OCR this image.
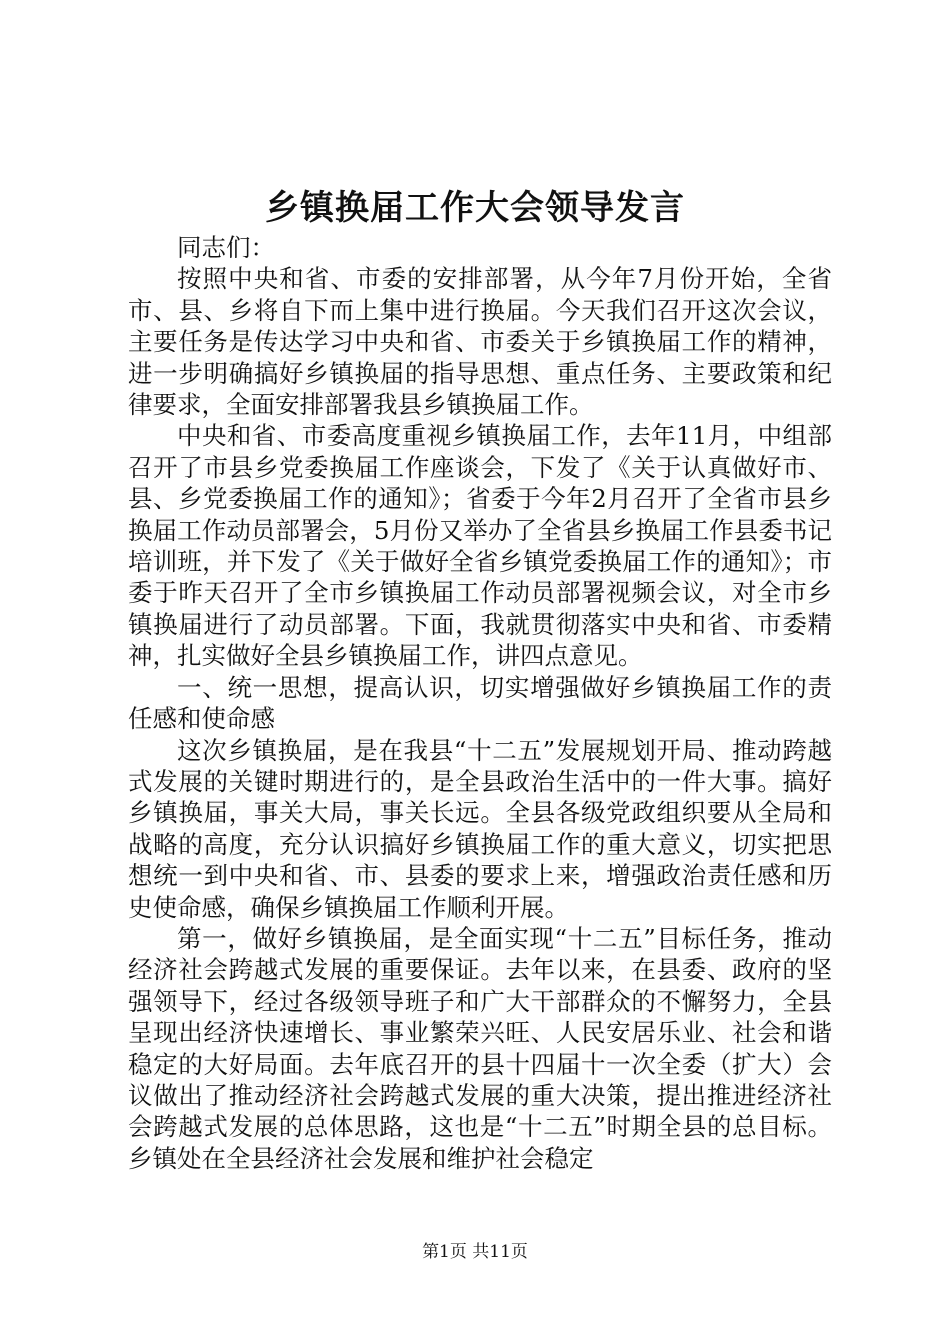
乡镇换届工作大会领导发言

同志们：

按照中央和省、市委的安排部署，从今年7月份开始，全省市、县、乡将自下而上集中进行换届。今天我们召开这次会议，主要任务是传达学习中央和省、市委关于乡镇换届工作的精神，进一步明确搞好乡镇换届的指导思想、重点任务、主要政策和纪律要求，全面安排部署我县乡镇换届工作。

中央和省、市委高度重视乡镇换届工作，去年11月，中组部召开了市县乡党委换届工作座谈会，下发了《关于认真做好市、县、乡党委换届工作的通知》；省委于今年2月召开了全省市县乡换届工作动员部署会，5月份又举办了全省县乡换届工作县委书记培训班，并下发了《关于做好全省乡镇党委换届工作的通知》；市委于昨天召开了全市乡镇换届工作动员部署视频会议，对全市乡镇换届进行了动员部署。下面，我就贯彻落实中央和省、市委精神，扎实做好全县乡镇换届工作，讲四点意见。

一、统一思想，提高认识，切实增强做好乡镇换届工作的责任感和使命感

这次乡镇换届，是在我县“十二五”发展规划开局、推动跨越式发展的关键时期进行的，是全县政治生活中的一件大事。搞好乡镇换届，事关大局，事关长远。全县各级党政组织要从全局和战略的高度，充分认识搞好乡镇换届工作的重大意义，切实把思想统一到中央和省、市、县委的要求上来，增强政治责任感和历史使命感，确保乡镇换届工作顺利开展。

第一，做好乡镇换届，是全面实现“十二五”目标任务，推动经济社会跨越式发展的重要保证。去年以来，在县委、政府的坚强领导下，经过各级领导班子和广大干部群众的不懈努力，全县呈现出经济快速增长、事业繁荣兴旺、人民安居乐业、社会和谐稳定的大好局面。去年底召开的县十四届十一次全委（扩大）会议做出了推动经济社会跨越式发展的重大决策，提出推进经济社会跨越式发展的总体思路，这也是“十二五”时期全县的总目标。乡镇处在全县经济社会发展和维护社会稳定

第1页 共11页
